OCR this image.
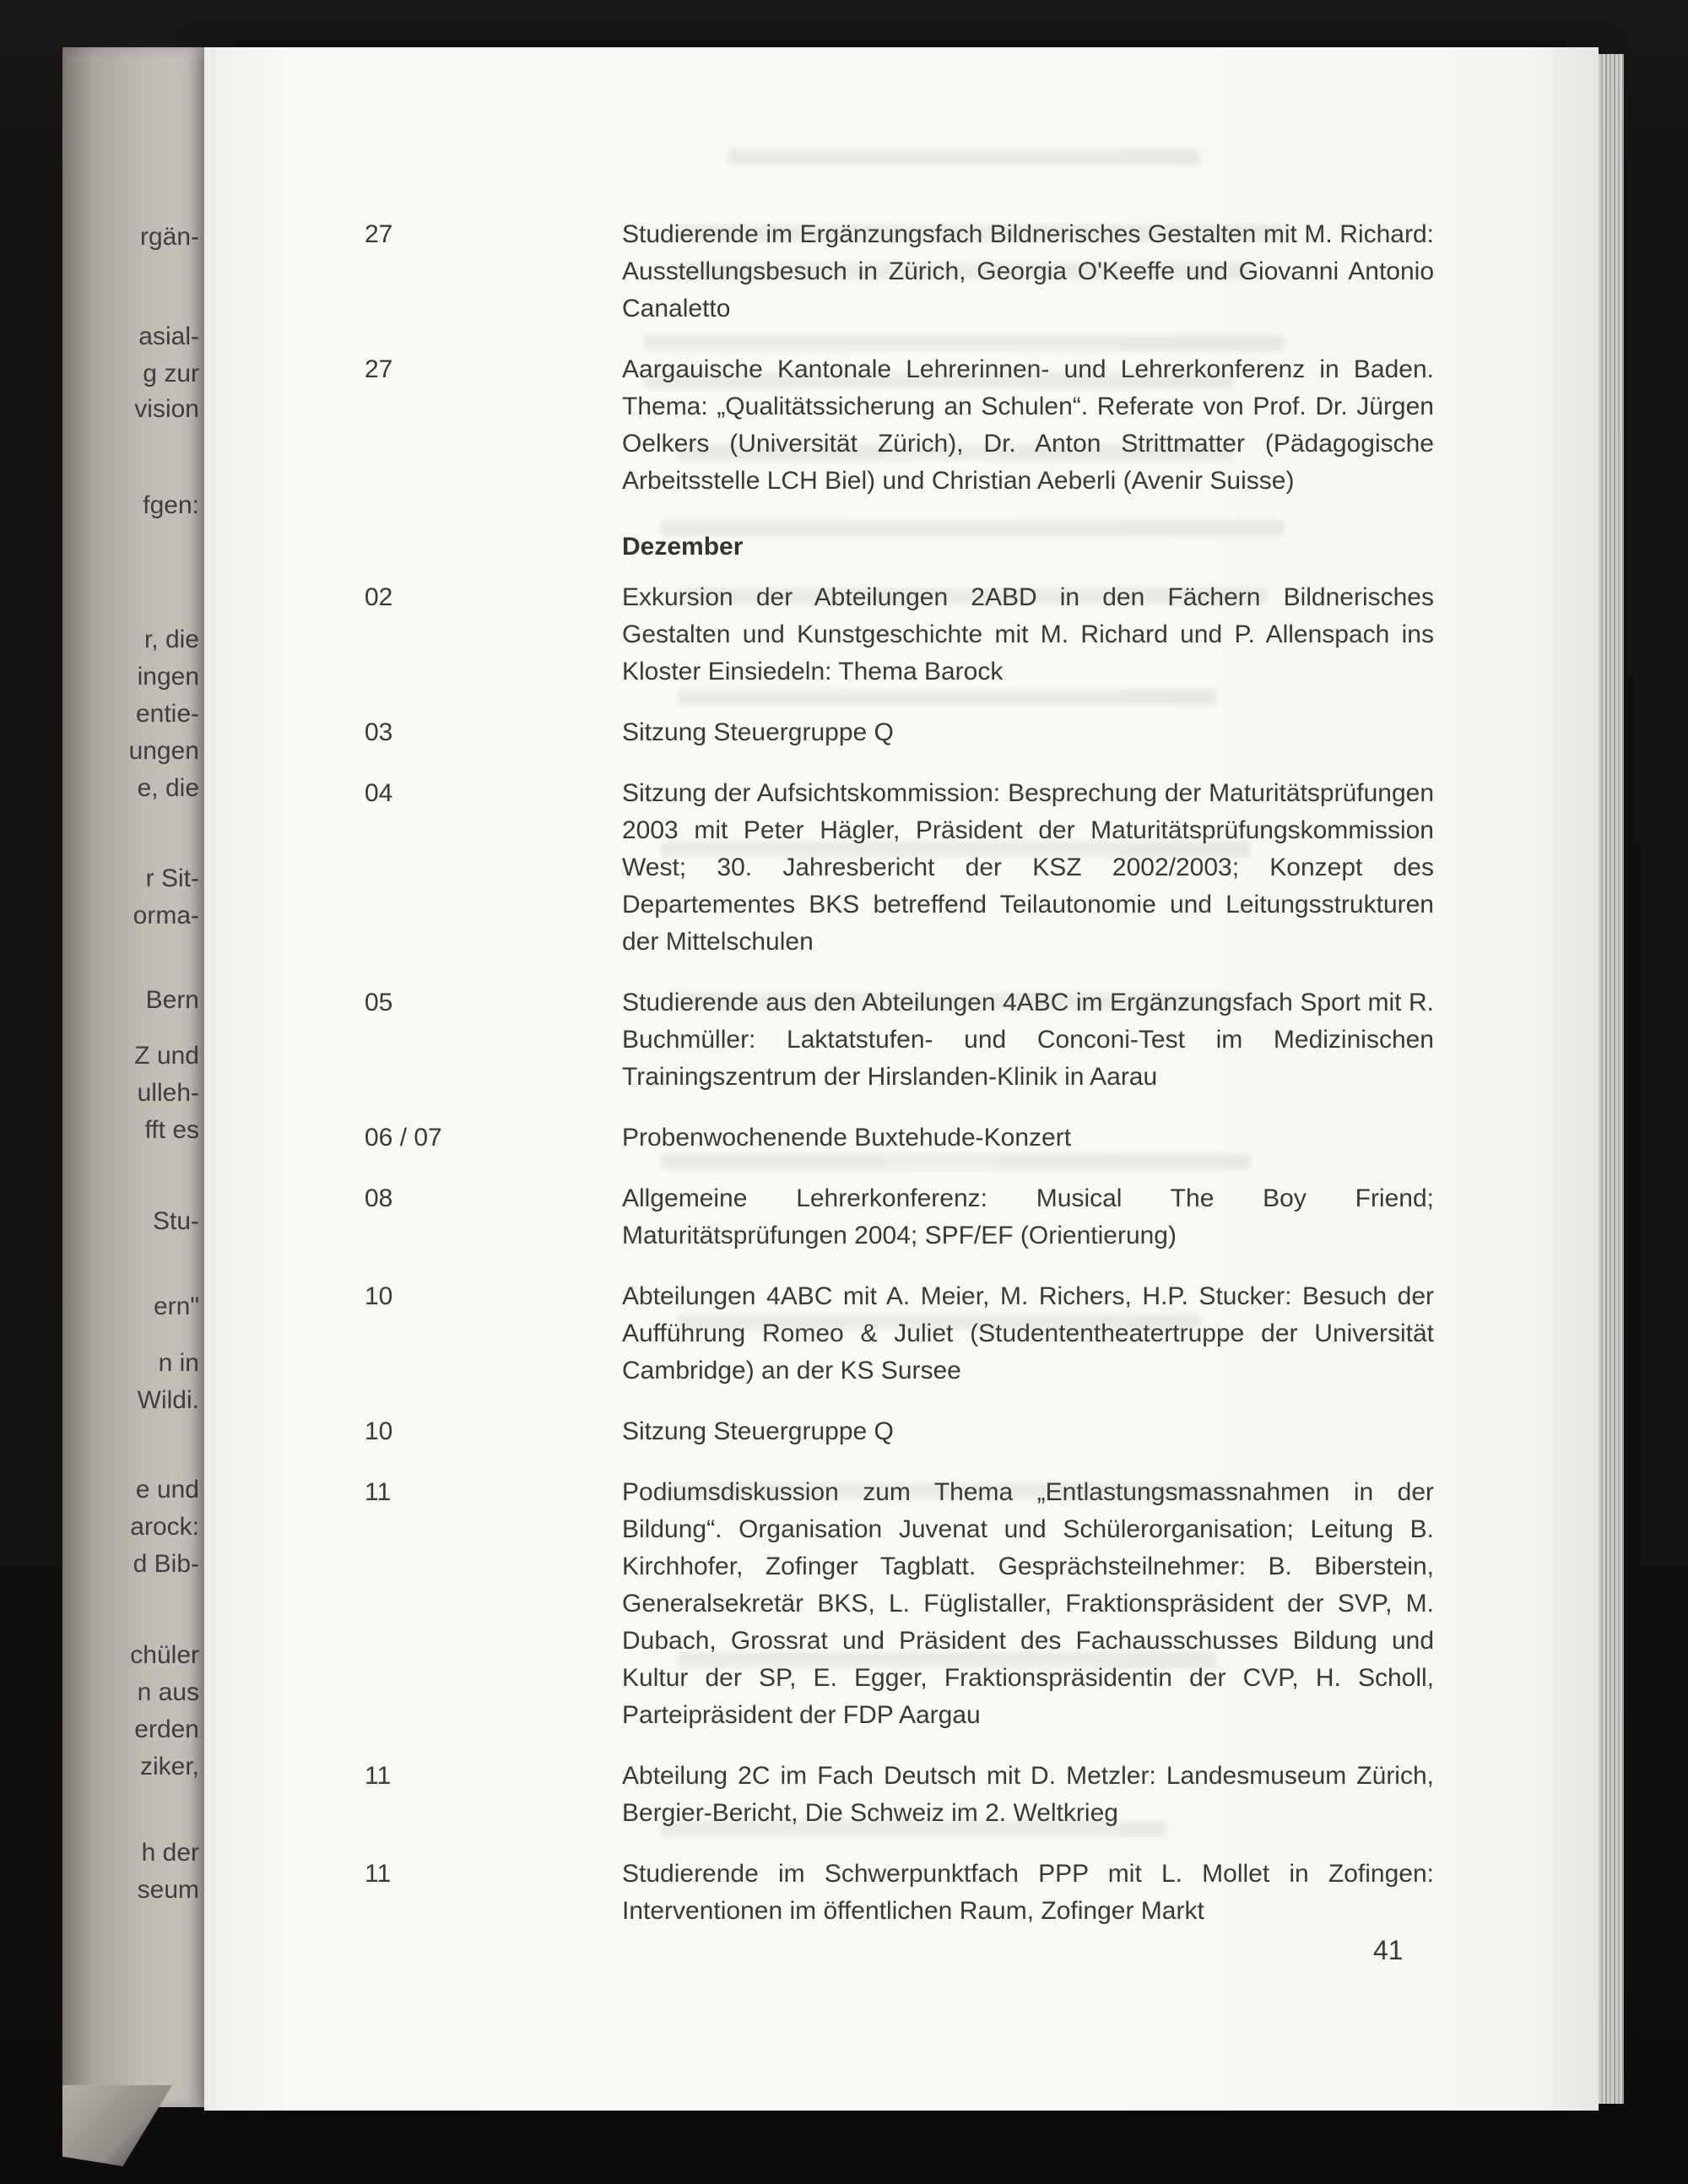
rgän-
asial-
g zur
vision
fgen:
r, die
ingen
entie-
ungen
e, die
r Sit-
orma-
Bern
Z und
ulleh-
fft es
Stu-
ern"
n in
Wildi.
e und
arock:
d Bib-
chüler
n aus
erden
ziker,
h der
seum
27	Studierende im Ergänzungsfach Bildnerisches Gestalten mit M. Richard: Ausstellungsbesuch in Zürich, Georgia O'Keeffe und Giovanni Antonio Canaletto
27	Aargauische Kantonale Lehrerinnen- und Lehrerkonferenz in Baden. Thema: „Qualitätssicherung an Schulen“. Referate von Prof. Dr. Jürgen Oelkers (Universität Zürich), Dr. Anton Strittmatter (Pädagogische Arbeitsstelle LCH Biel) und Christian Aeberli (Avenir Suisse)
Dezember
02	Exkursion der Abteilungen 2ABD in den Fächern Bildnerisches Gestalten und Kunstgeschichte mit M. Richard und P. Allenspach ins Kloster Einsiedeln: Thema Barock
03	Sitzung Steuergruppe Q
04	Sitzung der Aufsichtskommission: Besprechung der Maturitätsprüfungen 2003 mit Peter Hägler, Präsident der Maturitätsprüfungskommission West; 30. Jahresbericht der KSZ 2002/2003; Konzept des Departementes BKS betreffend Teilautonomie und Leitungsstrukturen der Mittelschulen
05	Studierende aus den Abteilungen 4ABC im Ergänzungsfach Sport mit R. Buchmüller: Laktatstufen- und Conconi-Test im Medizinischen Trainingszentrum der Hirslanden-Klinik in Aarau
06 / 07	Probenwochenende Buxtehude-Konzert
08	Allgemeine Lehrerkonferenz: Musical The Boy Friend; Maturitätsprüfungen 2004; SPF/EF (Orientierung)
10	Abteilungen 4ABC mit A. Meier, M. Richers, H.P. Stucker: Besuch der Aufführung Romeo & Juliet (Studententheatertruppe der Universität Cambridge) an der KS Sursee
10	Sitzung Steuergruppe Q
11	Podiumsdiskussion zum Thema „Entlastungsmassnahmen in der Bildung“. Organisation Juvenat und Schülerorganisation; Leitung B. Kirchhofer, Zofinger Tagblatt. Gesprächsteilnehmer: B. Biberstein, Generalsekretär BKS, L. Füglistaller, Fraktionspräsident der SVP, M. Dubach, Grossrat und Präsident des Fachausschusses Bildung und Kultur der SP, E. Egger, Fraktionspräsidentin der CVP, H. Scholl, Parteipräsident der FDP Aargau
11	Abteilung 2C im Fach Deutsch mit D. Metzler: Landesmuseum Zürich, Bergier-Bericht, Die Schweiz im 2. Weltkrieg
11	Studierende im Schwerpunktfach PPP mit L. Mollet in Zofingen: Interventionen im öffentlichen Raum, Zofinger Markt
41
